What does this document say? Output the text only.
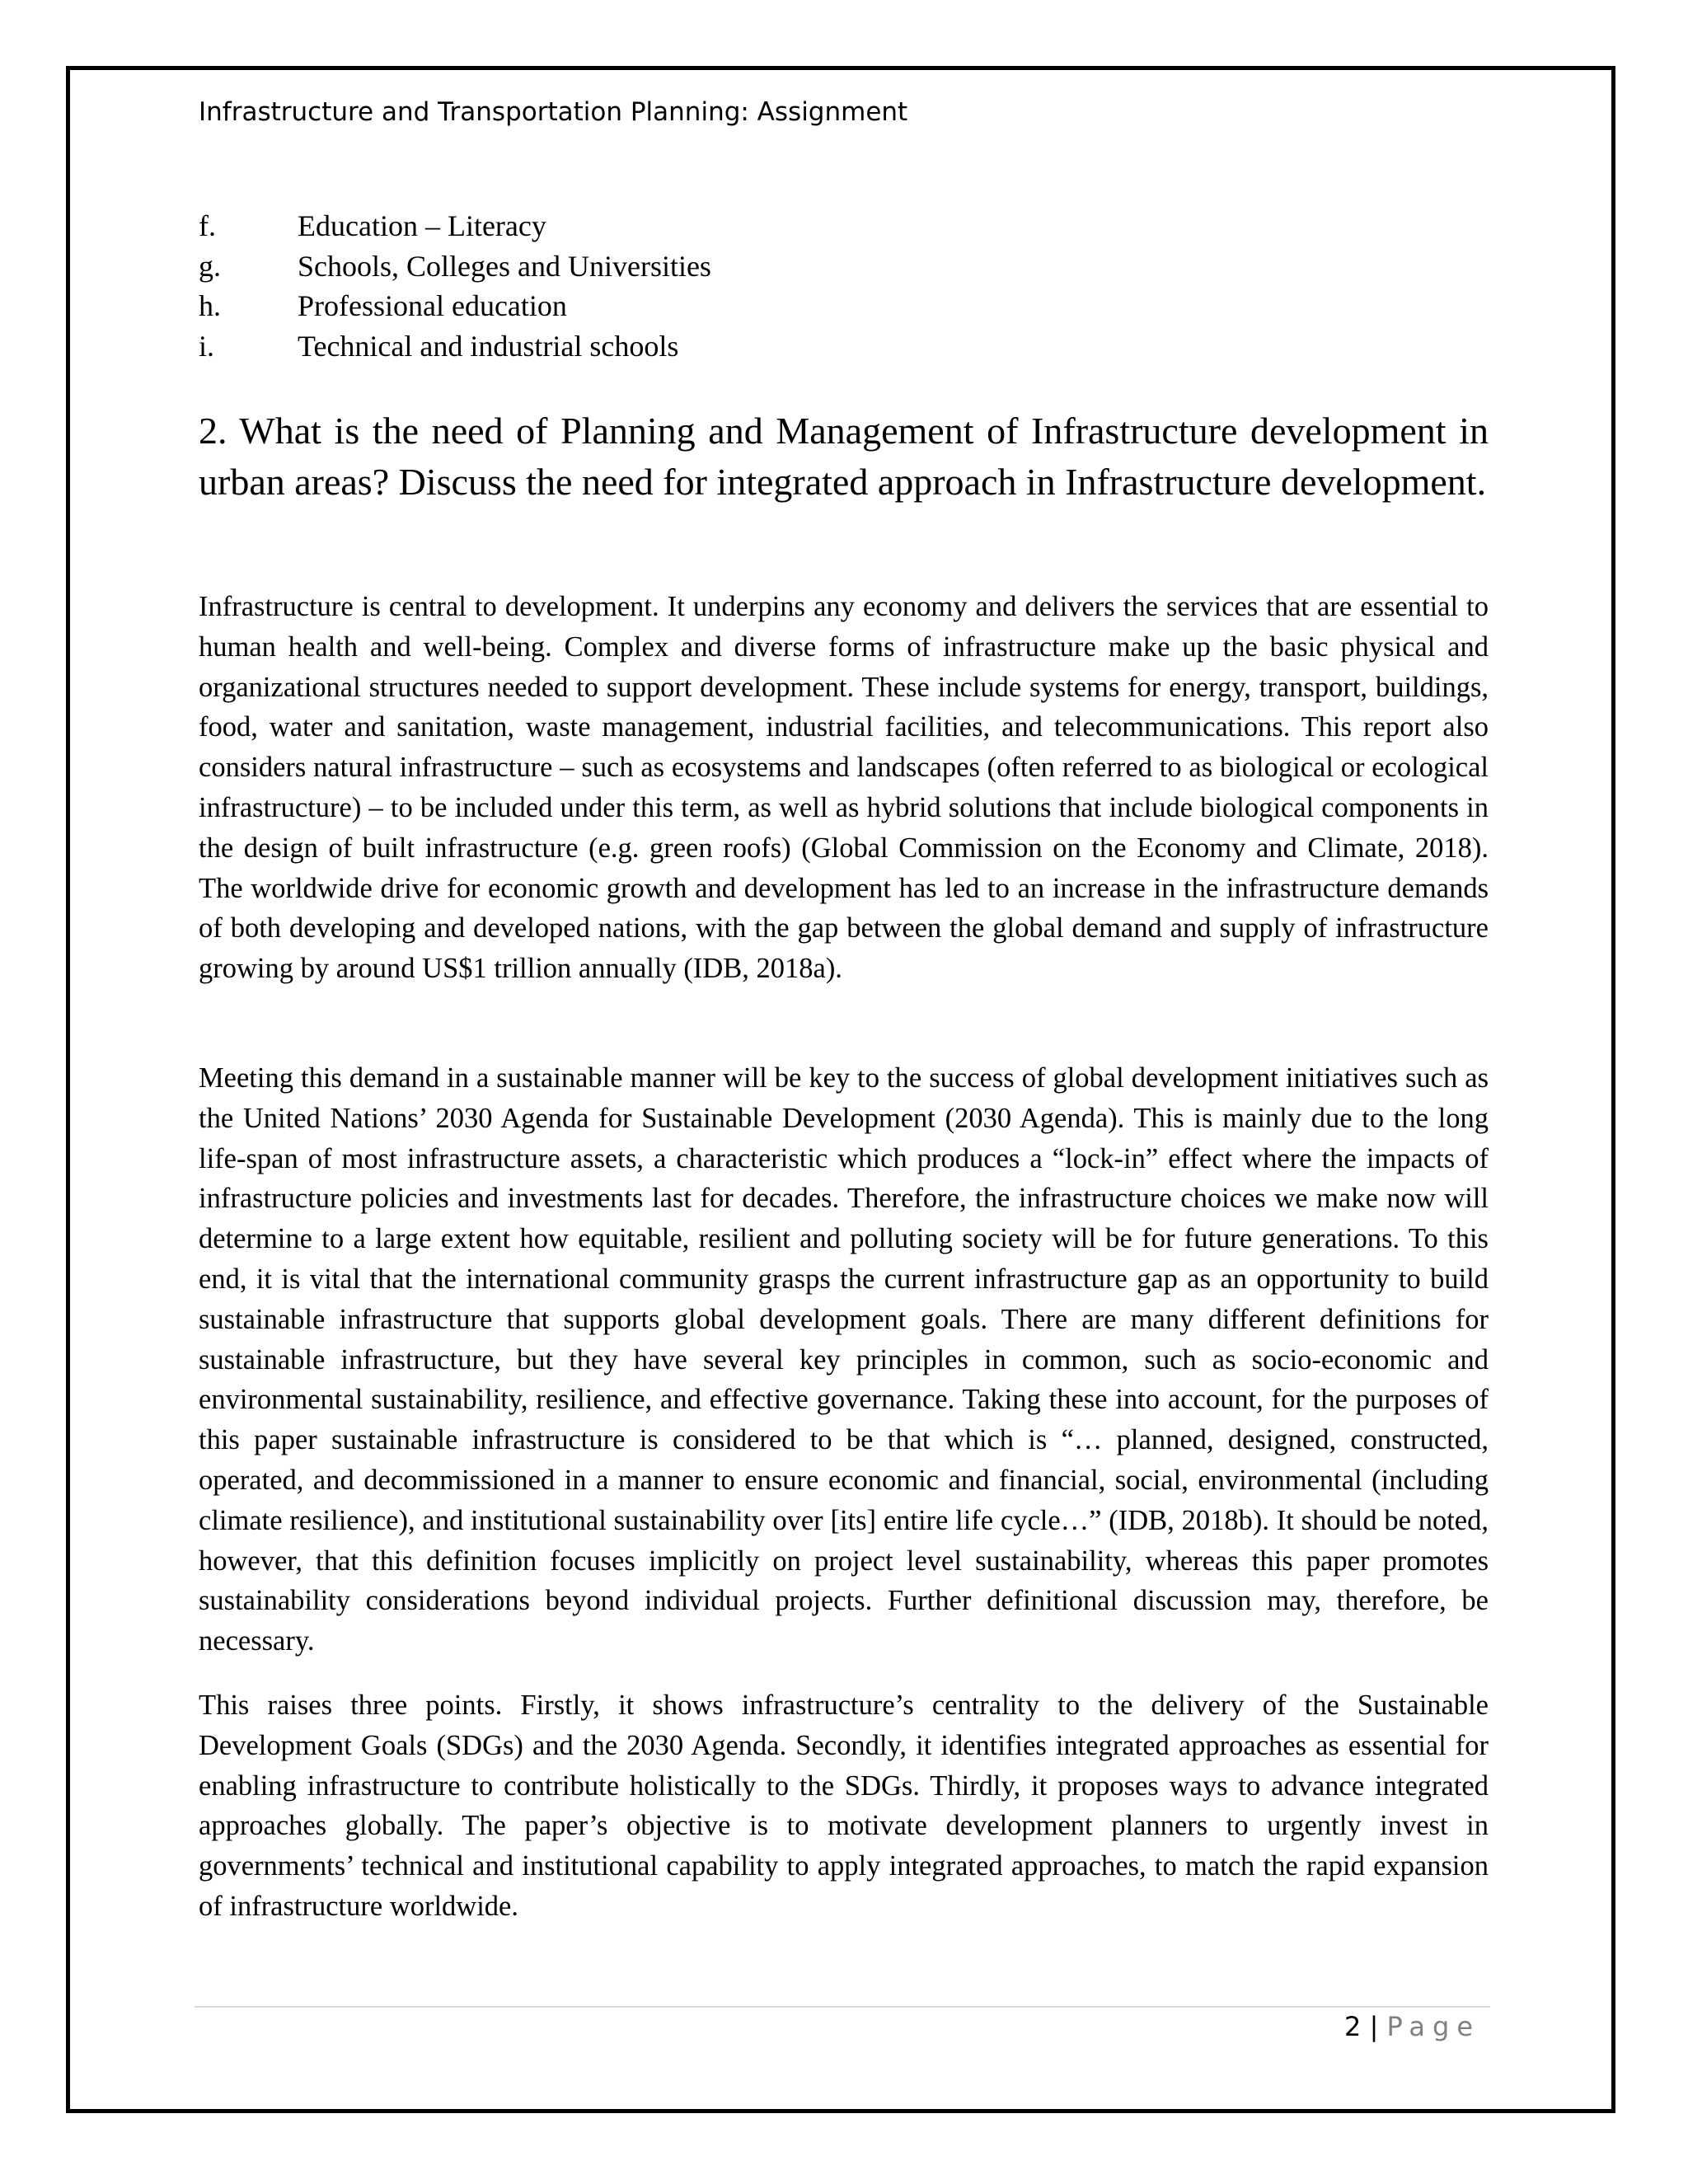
Infrastructure and Transportation Planning: Assignment
f.	Education – Literacy
g.	Schools, Colleges and Universities
h.	Professional education
i.	Technical and industrial schools
2. What is the need of Planning and Management of Infrastructure development in urban areas? Discuss the need for integrated approach in Infrastructure development.

Infrastructure is central to development. It underpins any economy and delivers the services that are essential to human health and well-being. Complex and diverse forms of infrastructure make up the basic physical and organizational structures needed to support development. These include systems for energy, transport, buildings, food, water and sanitation, waste management, industrial facilities, and telecommunications. This report also considers natural infrastructure – such as ecosystems and landscapes (often referred to as biological or ecological infrastructure) – to be included under this term, as well as hybrid solutions that include biological components in the design of built infrastructure (e.g. green roofs) (Global Commission on the Economy and Climate, 2018). The worldwide drive for economic growth and development has led to an increase in the infrastructure demands of both developing and developed nations, with the gap between the global demand and supply of infrastructure growing by around US$1 trillion annually (IDB, 2018a).

Meeting this demand in a sustainable manner will be key to the success of global development initiatives such as the United Nations’ 2030 Agenda for Sustainable Development (2030 Agenda). This is mainly due to the long life-span of most infrastructure assets, a characteristic which produces a “lock-in” effect where the impacts of infrastructure policies and investments last for decades. Therefore, the infrastructure choices we make now will determine to a large extent how equitable, resilient and polluting society will be for future generations. To this end, it is vital that the international community grasps the current infrastructure gap as an opportunity to build sustainable infrastructure that supports global development goals. There are many different definitions for sustainable infrastructure, but they have several key principles in common, such as socio-economic and environmental sustainability, resilience, and effective governance. Taking these into account, for the purposes of this paper sustainable infrastructure is considered to be that which is “… planned, designed, constructed, operated, and decommissioned in a manner to ensure economic and financial, social, environmental (including climate resilience), and institutional sustainability over [its] entire life cycle…” (IDB, 2018b). It should be noted, however, that this definition focuses implicitly on project level sustainability, whereas this paper promotes sustainability considerations beyond individual projects. Further definitional discussion may, therefore, be necessary.

This raises three points. Firstly, it shows infrastructure’s centrality to the delivery of the Sustainable Development Goals (SDGs) and the 2030 Agenda. Secondly, it identifies integrated approaches as essential for enabling infrastructure to contribute holistically to the SDGs. Thirdly, it proposes ways to advance integrated approaches globally. The paper’s objective is to motivate development planners to urgently invest in governments’ technical and institutional capability to apply integrated approaches, to match the rapid expansion of infrastructure worldwide.

2 | Page
